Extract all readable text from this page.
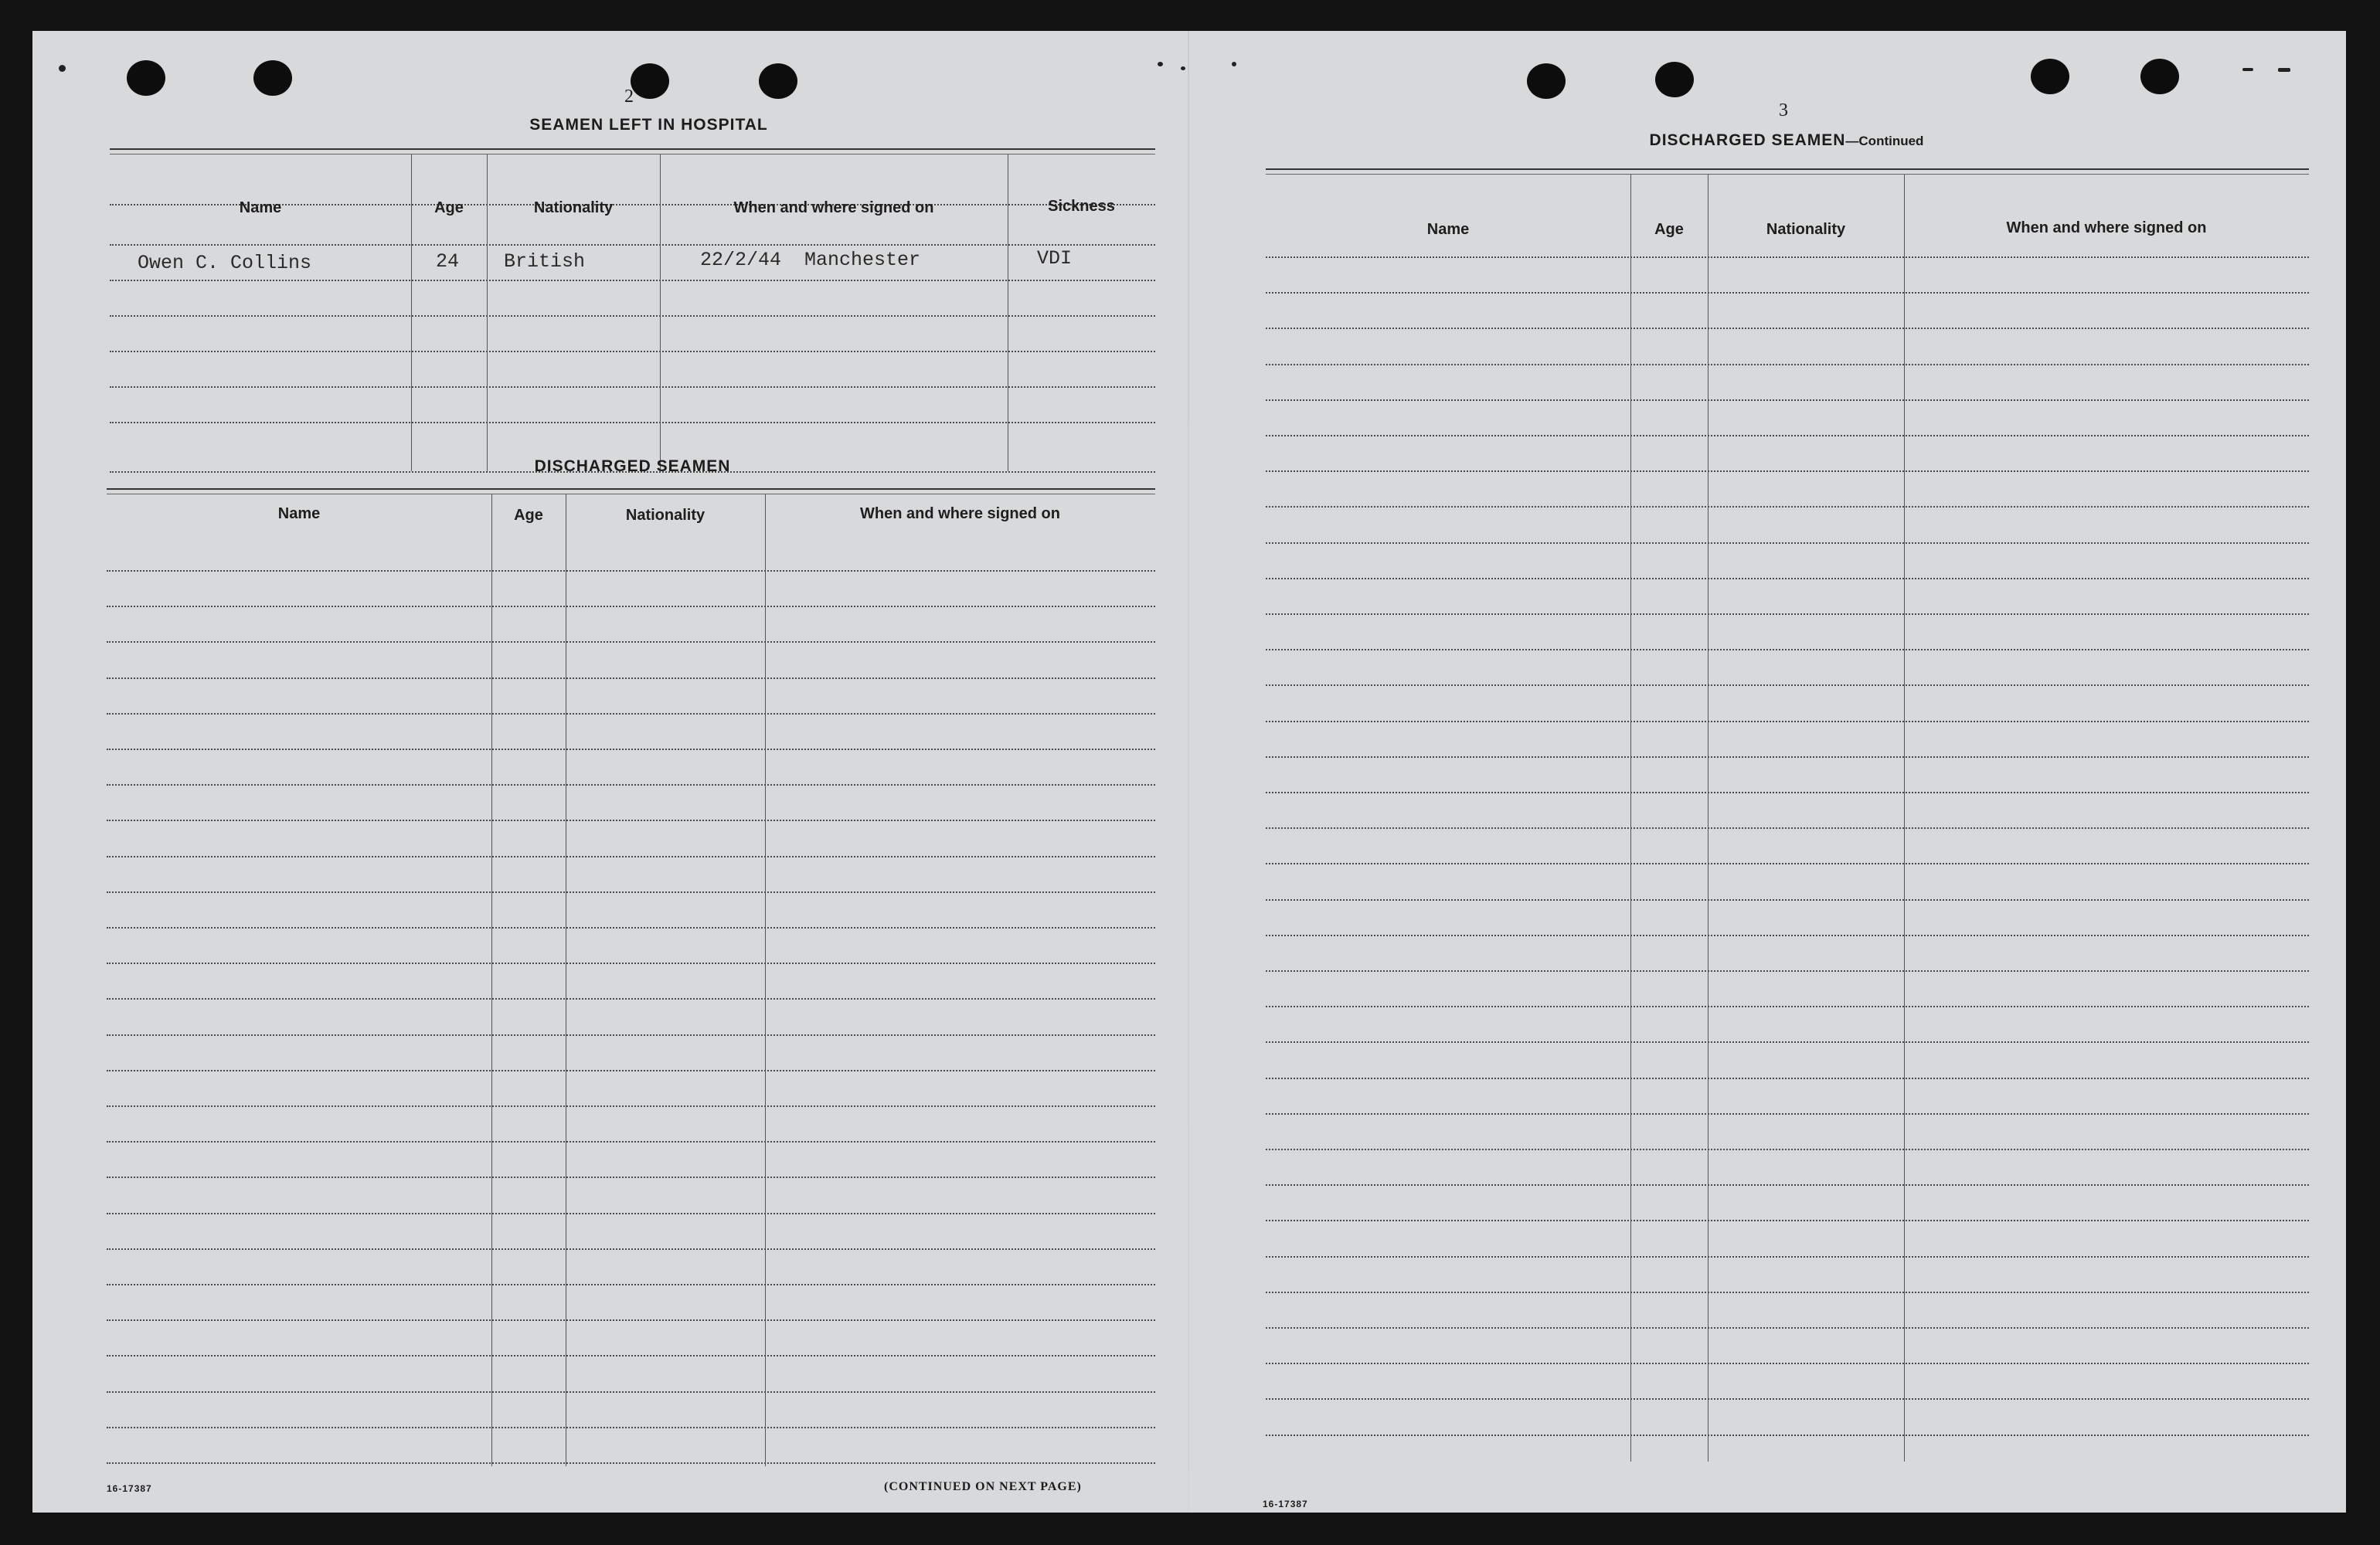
2
SEAMEN LEFT IN HOSPITAL
Name	Age	Nationality	When and where signed on	Sickness
Owen C. Collins	24 British	22/2/44  Manchester	VDI
DISCHARGED SEAMEN
Name	Age	Nationality	When and where signed on
16-17387	(CONTINUED ON NEXT PAGE)
3
DISCHARGED SEAMEN—Continued
Name	Age	Nationality	When and where signed on
16-17387
